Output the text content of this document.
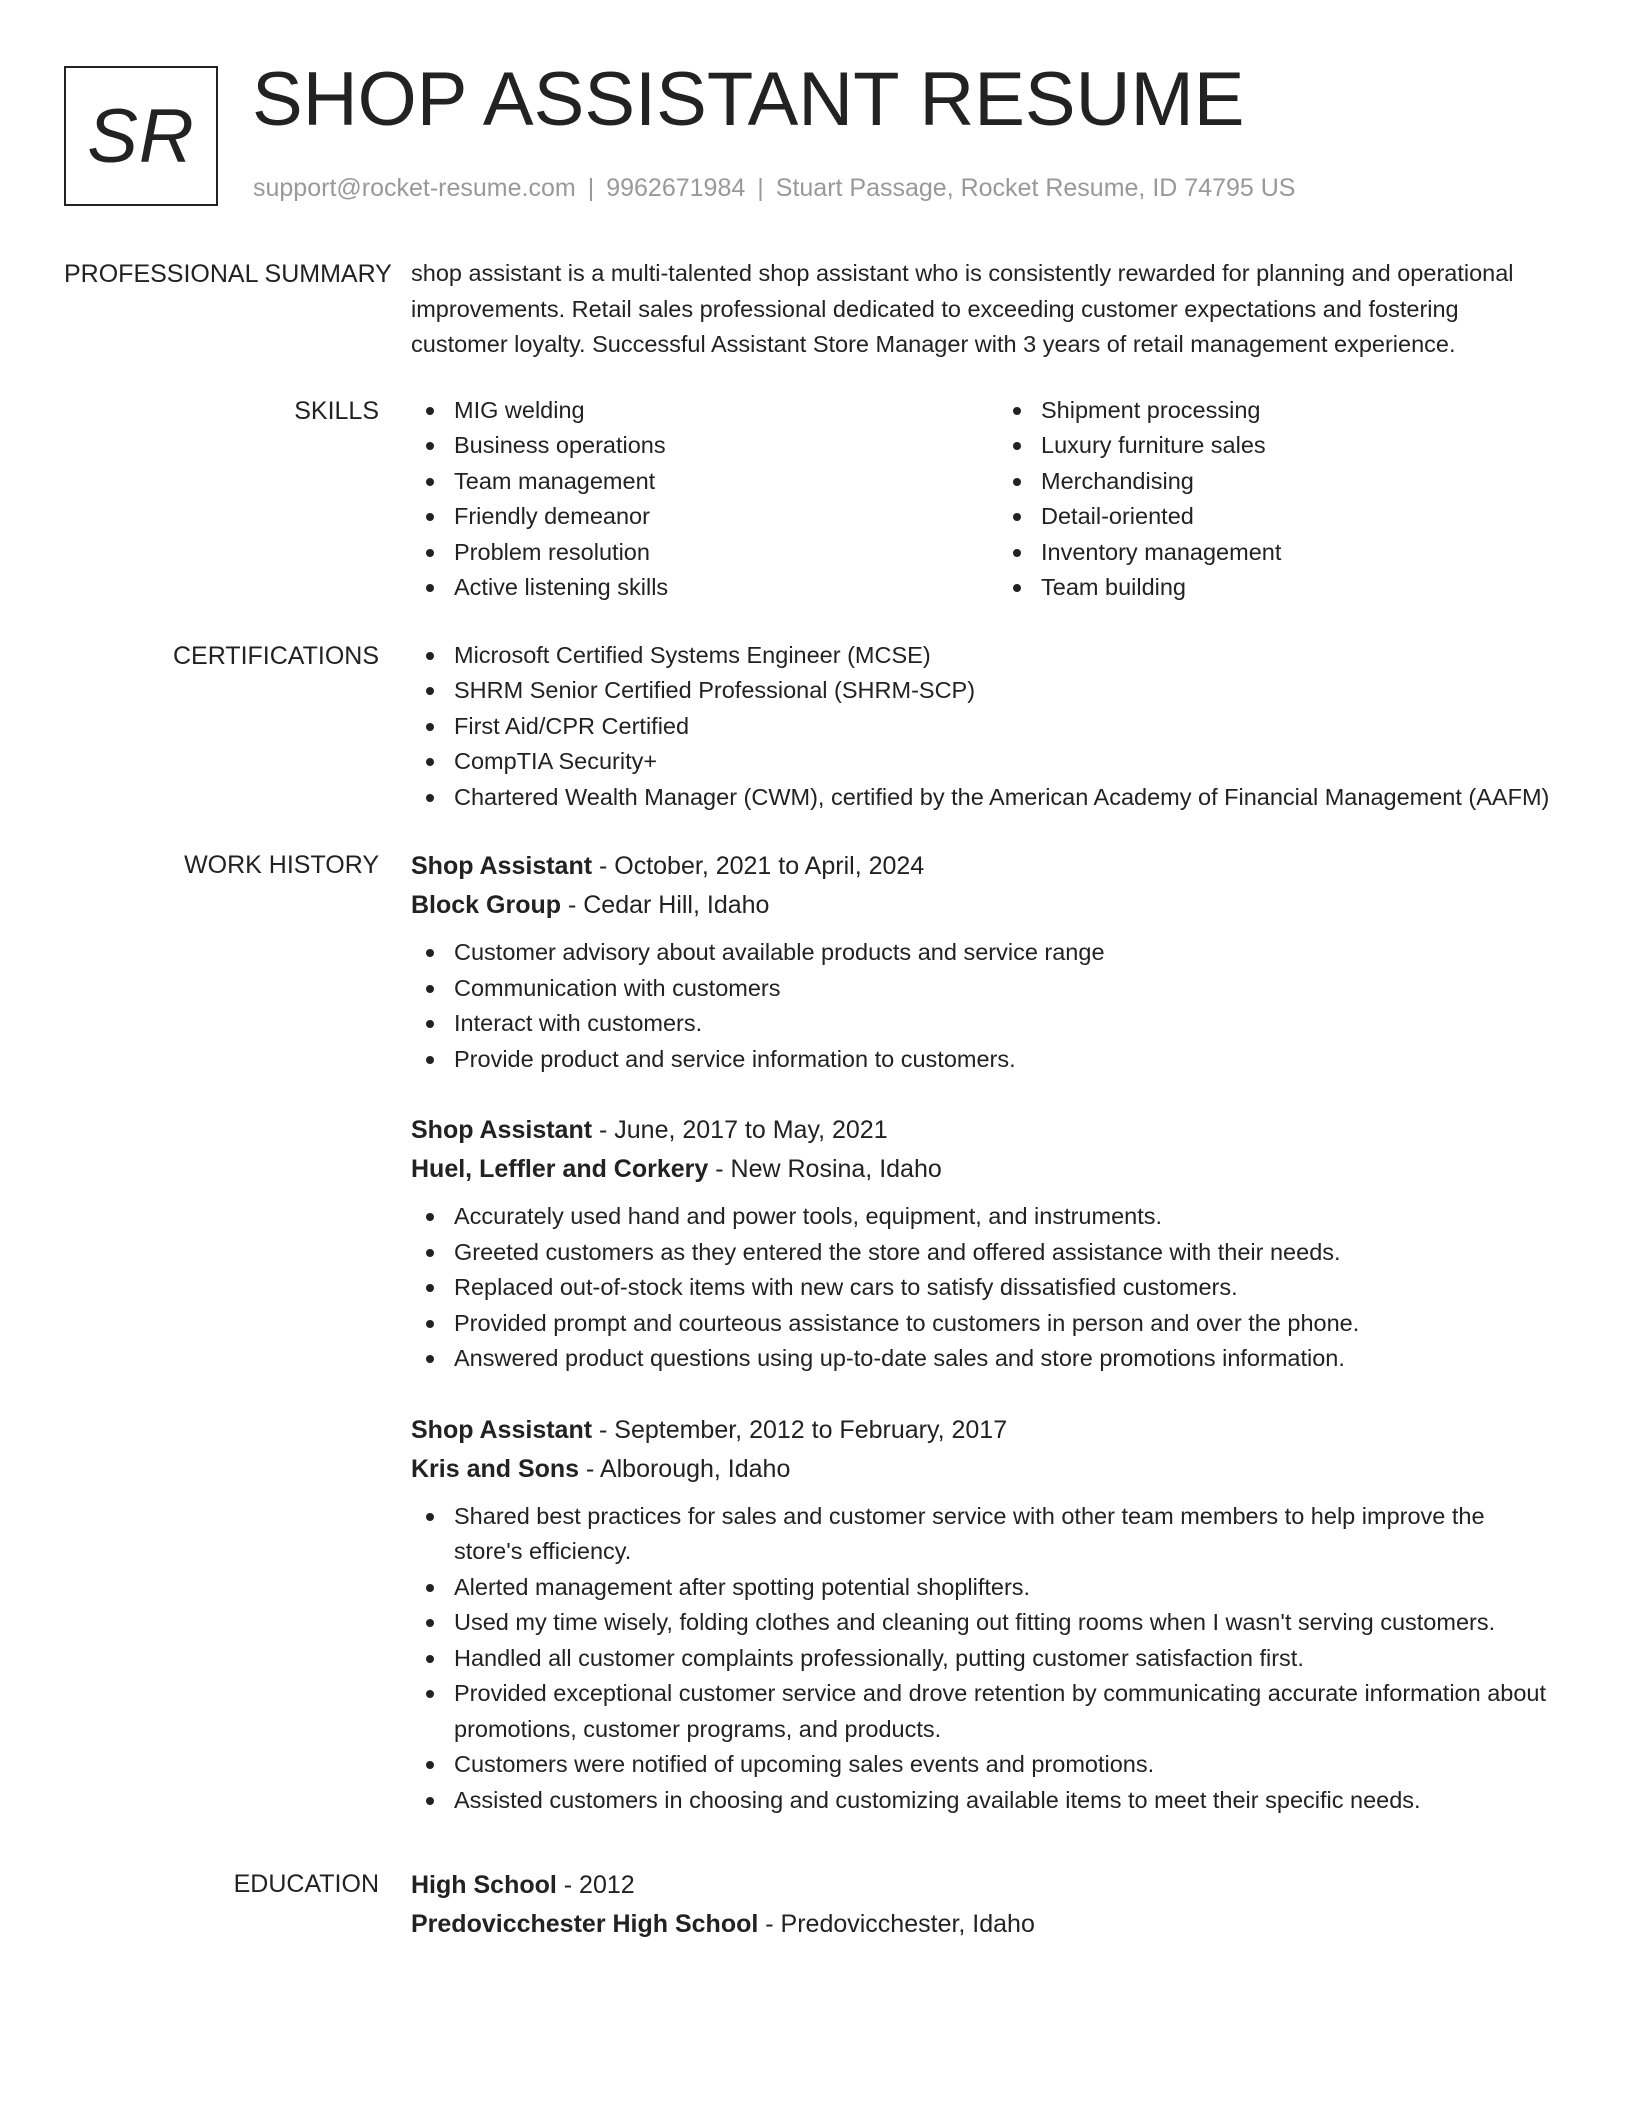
SR SHOP ASSISTANT RESUME
support@rocket-resume.com | 9962671984 | Stuart Passage, Rocket Resume, ID 74795 US
PROFESSIONAL SUMMARY shop assistant is a multi-talented shop assistant who is consistently rewarded for planning and operational improvements. Retail sales professional dedicated to exceeding customer expectations and fostering customer loyalty. Successful Assistant Store Manager with 3 years of retail management experience.

SKILLS	MIG welding
Business operations
Team management
Friendly demeanor
Problem resolution
Active listening skills
Shipment processing
Luxury furniture sales
Merchandising
Detail-oriented
Inventory management
Team building
CERTIFICATIONS	Microsoft Certified Systems Engineer (MCSE)
SHRM Senior Certified Professional (SHRM-SCP)
First Aid/CPR Certified
CompTIA Security+
Chartered Wealth Manager (CWM), certified by the American Academy of Financial Management (AAFM)
WORK HISTORY	Shop Assistant - October, 2021 to April, 2024
Block Group - Cedar Hill, Idaho
Customer advisory about available products and service range
Communication with customers
Interact with customers.
Provide product and service information to customers.
Shop Assistant - June, 2017 to May, 2021
Huel, Leffler and Corkery - New Rosina, Idaho
Accurately used hand and power tools, equipment, and instruments.
Greeted customers as they entered the store and offered assistance with their needs.
Replaced out-of-stock items with new cars to satisfy dissatisfied customers.
Provided prompt and courteous assistance to customers in person and over the phone.
Answered product questions using up-to-date sales and store promotions information.
Shop Assistant - September, 2012 to February, 2017
Kris and Sons - Alborough, Idaho
Shared best practices for sales and customer service with other team members to help improve the store's efficiency.
Alerted management after spotting potential shoplifters.
Used my time wisely, folding clothes and cleaning out fitting rooms when I wasn't serving customers.
Handled all customer complaints professionally, putting customer satisfaction first.
Provided exceptional customer service and drove retention by communicating accurate information about promotions, customer programs, and products.
Customers were notified of upcoming sales events and promotions.
Assisted customers in choosing and customizing available items to meet their specific needs.
EDUCATION	High School - 2012
Predovicchester High School - Predovicchester, Idaho
